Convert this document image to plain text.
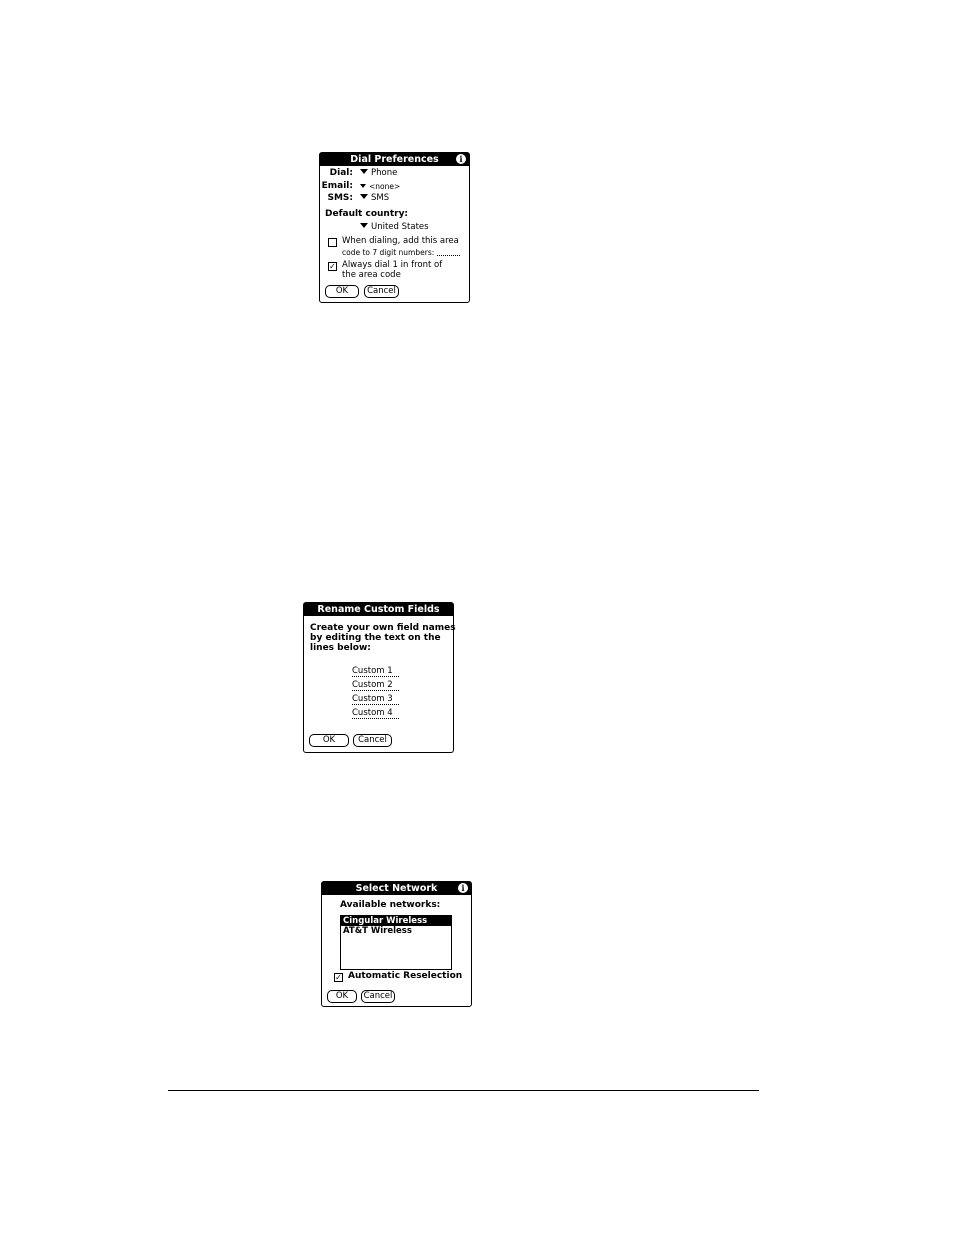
Dial Preferences	i
Dial:	Phone
Email:	<none>
SMS:	SMS
Default country:
United States
When dialing, add this area
code to 7 digit numbers:
✓ Always dial 1 in front of
the area code
OK	Cancel
Rename Custom Fields
Create your own field names
by editing the text on the
lines below:
Custom 1
Custom 2
Custom 3
Custom 4
OK	Cancel
Select Network	i
Available networks:
Cingular Wireless
AT&T Wireless
✓ Automatic Reselection
OK	Cancel
